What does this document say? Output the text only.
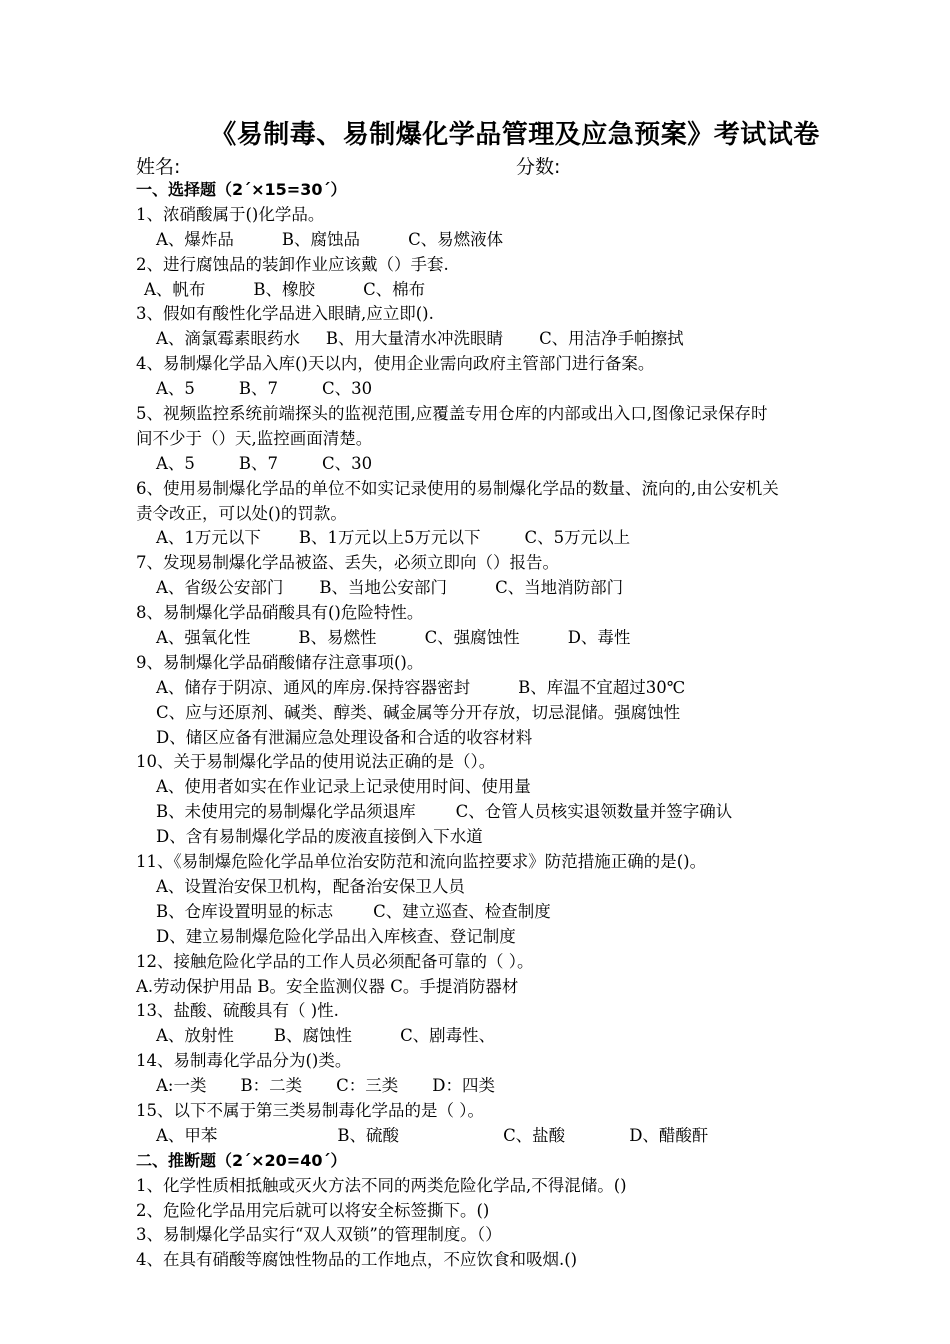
《易制毒、易制爆化学品管理及应急预案》考试试卷
姓名:	分数:
一、选择题（2´×15=30´）
1、浓硝酸属于()化学品。
A、爆炸品	B、腐蚀品	C、易燃液体
2、进行腐蚀品的装卸作业应该戴（）手套.
A、帆布	B、橡胶	C、棉布
3、假如有酸性化学品进入眼睛,应立即().
A、滴氯霉素眼药水 B、用大量清水冲洗眼睛 C、用洁净手帕擦拭
4、易制爆化学品入库()天以内，使用企业需向政府主管部门进行备案。
A、5	B、7	C、30
5、视频监控系统前端探头的监视范围,应覆盖专用仓库的内部或出入口,图像记录保存时
间不少于（）天,监控画面清楚。
A、5	B、7	C、30
6、使用易制爆化学品的单位不如实记录使用的易制爆化学品的数量、流向的,由公安机关
责令改正，可以处()的罚款。
A、1万元以下 B、1万元以上5万元以下	C、5万元以上
7、发现易制爆化学品被盗、丢失，必须立即向（）报告。
A、省级公安部门 B、当地公安部门	C、当地消防部门
8、易制爆化学品硝酸具有()危险特性。
A、强氧化性	B、易燃性	C、强腐蚀性	D、毒性
9、易制爆化学品硝酸储存注意事项()。
A、储存于阴凉、通风的库房.保持容器密封	B、库温不宜超过30℃
C、应与还原剂、碱类、醇类、碱金属等分开存放，切忌混储。强腐蚀性
D、储区应备有泄漏应急处理设备和合适的收容材料
10、关于易制爆化学品的使用说法正确的是（）。
A、使用者如实在作业记录上记录使用时间、使用量
B、未使用完的易制爆化学品须退库 C、仓管人员核实退领数量并签字确认
D、含有易制爆化学品的废液直接倒入下水道
11、《易制爆危险化学品单位治安防范和流向监控要求》防范措施正确的是()。
A、设置治安保卫机构，配备治安保卫人员
B、仓库设置明显的标志 C、建立巡查、检查制度
D、建立易制爆危险化学品出入库核查、登记制度
12、接触危险化学品的工作人员必须配备可靠的（ ）。
A.劳动保护用品 B。安全监测仪器 C。手提消防器材
13、盐酸、硫酸具有（ )性.
A、放射性 B、腐蚀性	C、剧毒性、
14、易制毒化学品分为()类。
A:一类 B：二类 C：三类 D：四类
15、以下不属于第三类易制毒化学品的是（ ）。
A、甲苯	B、硫酸	C、盐酸	D、醋酸酐
二、推断题（2´×20=40´）
1、化学性质相抵触或灭火方法不同的两类危险化学品,不得混储。()
2、危险化学品用完后就可以将安全标签撕下。()
3、易制爆化学品实行“双人双锁”的管理制度。（）
4、在具有硝酸等腐蚀性物品的工作地点，不应饮食和吸烟.()
